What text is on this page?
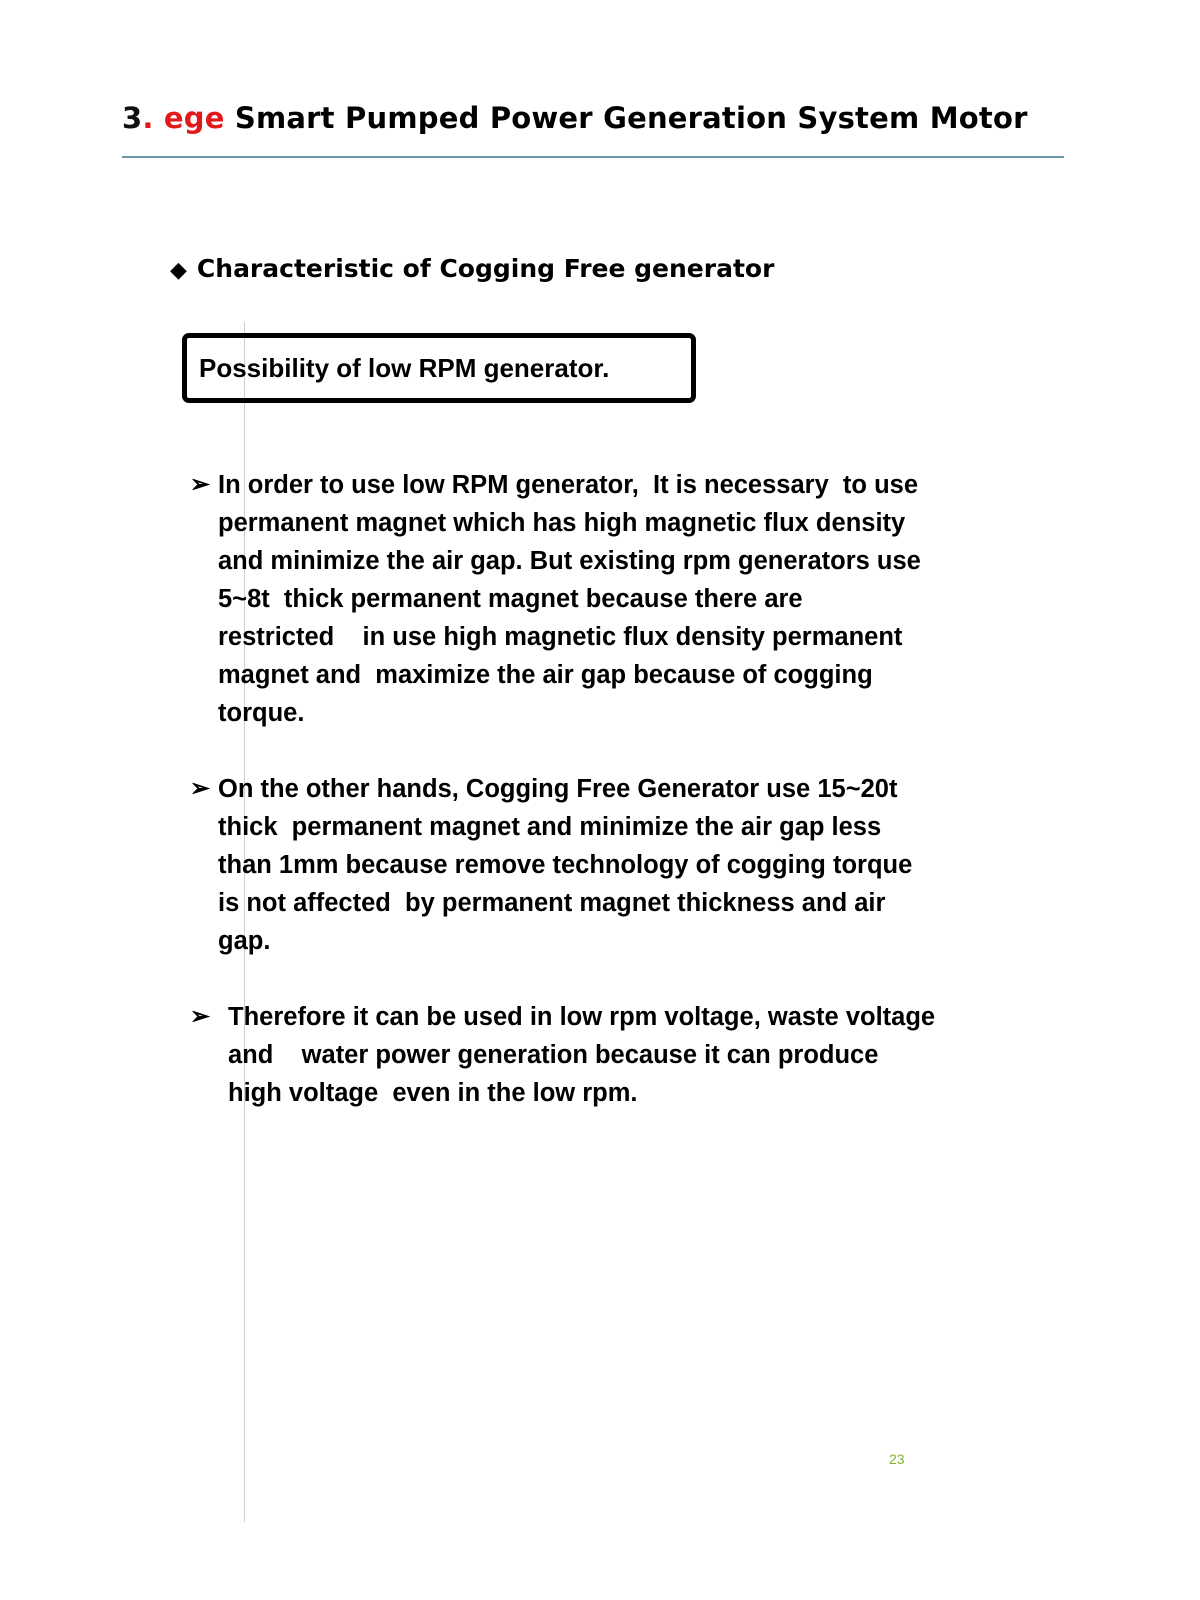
3. ege Smart Pumped Power Generation System Motor
◆ Characteristic of Cogging Free generator
Possibility of low RPM generator.
➢ In order to use low RPM generator,  It is necessary  to use
permanent magnet which has high magnetic flux density
and minimize the air gap. But existing rpm generators use
5~8t  thick permanent magnet because there are
restricted    in use high magnetic flux density permanent
magnet and  maximize the air gap because of cogging
torque.
➢ On the other hands, Cogging Free Generator use 15~20t
thick  permanent magnet and minimize the air gap less
than 1mm because remove technology of cogging torque
is not affected  by permanent magnet thickness and air
gap.
➢ Therefore it can be used in low rpm voltage, waste voltage
and    water power generation because it can produce
high voltage  even in the low rpm.
23
